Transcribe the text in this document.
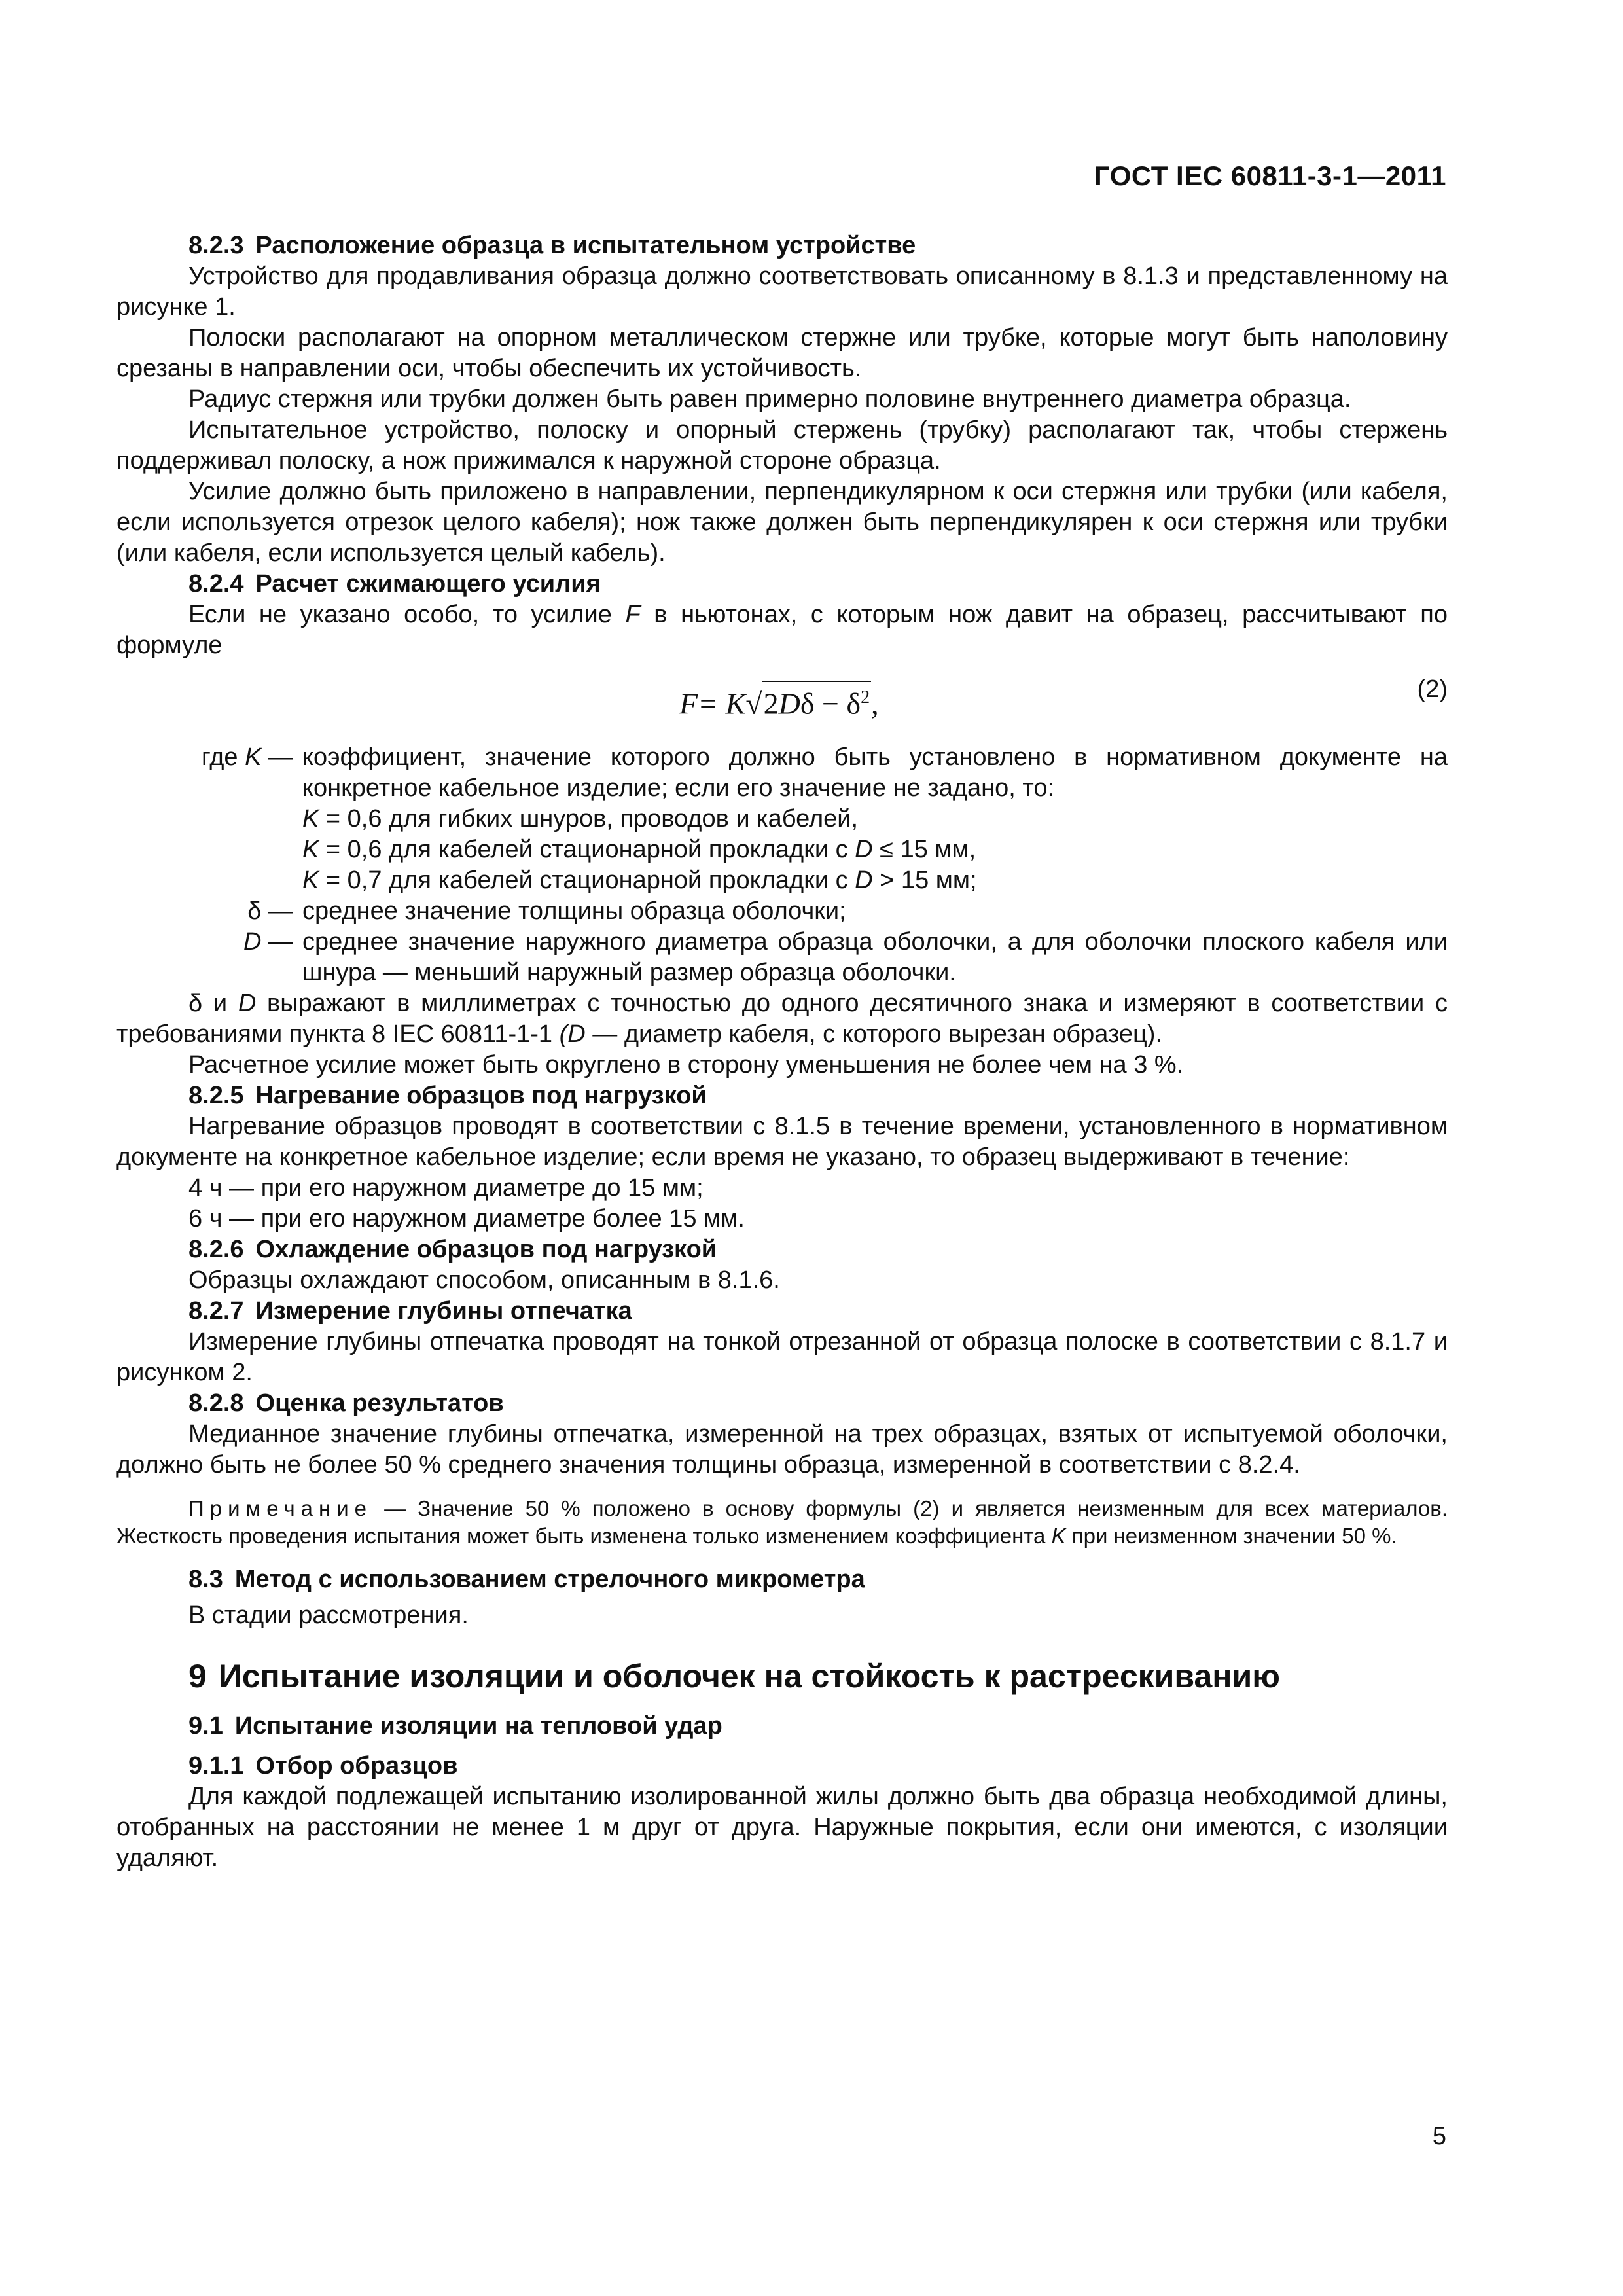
ГОСТ IEC 60811-3-1—2011

8.2.3 Расположение образца в испытательном устройстве

Устройство для продавливания образца должно соответствовать описанному в 8.1.3 и представленному на рисунке 1.

Полоски располагают на опорном металлическом стержне или трубке, которые могут быть наполовину срезаны в направлении оси, чтобы обеспечить их устойчивость.

Радиус стержня или трубки должен быть равен примерно половине внутреннего диаметра образца.

Испытательное устройство, полоску и опорный стержень (трубку) располагают так, чтобы стержень поддерживал полоску, а нож прижимался к наружной стороне образца.

Усилие должно быть приложено в направлении, перпендикулярном к оси стержня или трубки (или кабеля, если используется отрезок целого кабеля); нож также должен быть перпендикулярен к оси стержня или трубки (или кабеля, если используется целый кабель).

8.2.4 Расчет сжимающего усилия

Если не указано особо, то усилие F в ньютонах, с которым нож давит на образец, рассчитывают по формуле

$F= K√2D\delta - \delta^2$,	(2)
где K — коэффициент, значение которого должно быть установлено в нормативном документе на конкретное кабельное изделие; если его значение не задано, то:

K = 0,6 для гибких шнуров, проводов и кабелей,

K = 0,6 для кабелей стационарной прокладки с D ≤ 15 мм,

K = 0,7 для кабелей стационарной прокладки с D > 15 мм;

δ — среднее значение толщины образца оболочки;
D — среднее значение наружного диаметра образца оболочки, а для оболочки плоского кабеля или шнура — меньший наружный размер образца оболочки.

δ и D выражают в миллиметрах с точностью до одного десятичного знака и измеряют в соответствии с требованиями пункта 8 IEC 60811-1-1 (D — диаметр кабеля, с которого вырезан образец).

Расчетное усилие может быть округлено в сторону уменьшения не более чем на 3 %.

8.2.5 Нагревание образцов под нагрузкой

Нагревание образцов проводят в соответствии с 8.1.5 в течение времени, установленного в нормативном документе на конкретное кабельное изделие; если время не указано, то образец выдерживают в течение:

4 ч — при его наружном диаметре до 15 мм;

6 ч — при его наружном диаметре более 15 мм.

8.2.6 Охлаждение образцов под нагрузкой

Образцы охлаждают способом, описанным в 8.1.6.

8.2.7 Измерение глубины отпечатка

Измерение глубины отпечатка проводят на тонкой отрезанной от образца полоске в соответствии с 8.1.7 и рисунком 2.

8.2.8 Оценка результатов

Медианное значение глубины отпечатка, измеренной на трех образцах, взятых от испытуемой оболочки, должно быть не более 50 % среднего значения толщины образца, измеренной в соответствии с 8.2.4.

Примечание — Значение 50 % положено в основу формулы (2) и является неизменным для всех материалов. Жесткость проведения испытания может быть изменена только изменением коэффициента K при неизменном значении 50 %.

8.3 Метод с использованием стрелочного микрометра

В стадии рассмотрения.

9 Испытание изоляции и оболочек на стойкость к растрескиванию

9.1 Испытание изоляции на тепловой удар

9.1.1 Отбор образцов

Для каждой подлежащей испытанию изолированной жилы должно быть два образца необходимой длины, отобранных на расстоянии не менее 1 м друг от друга. Наружные покрытия, если они имеются, с изоляции удаляют.

5
